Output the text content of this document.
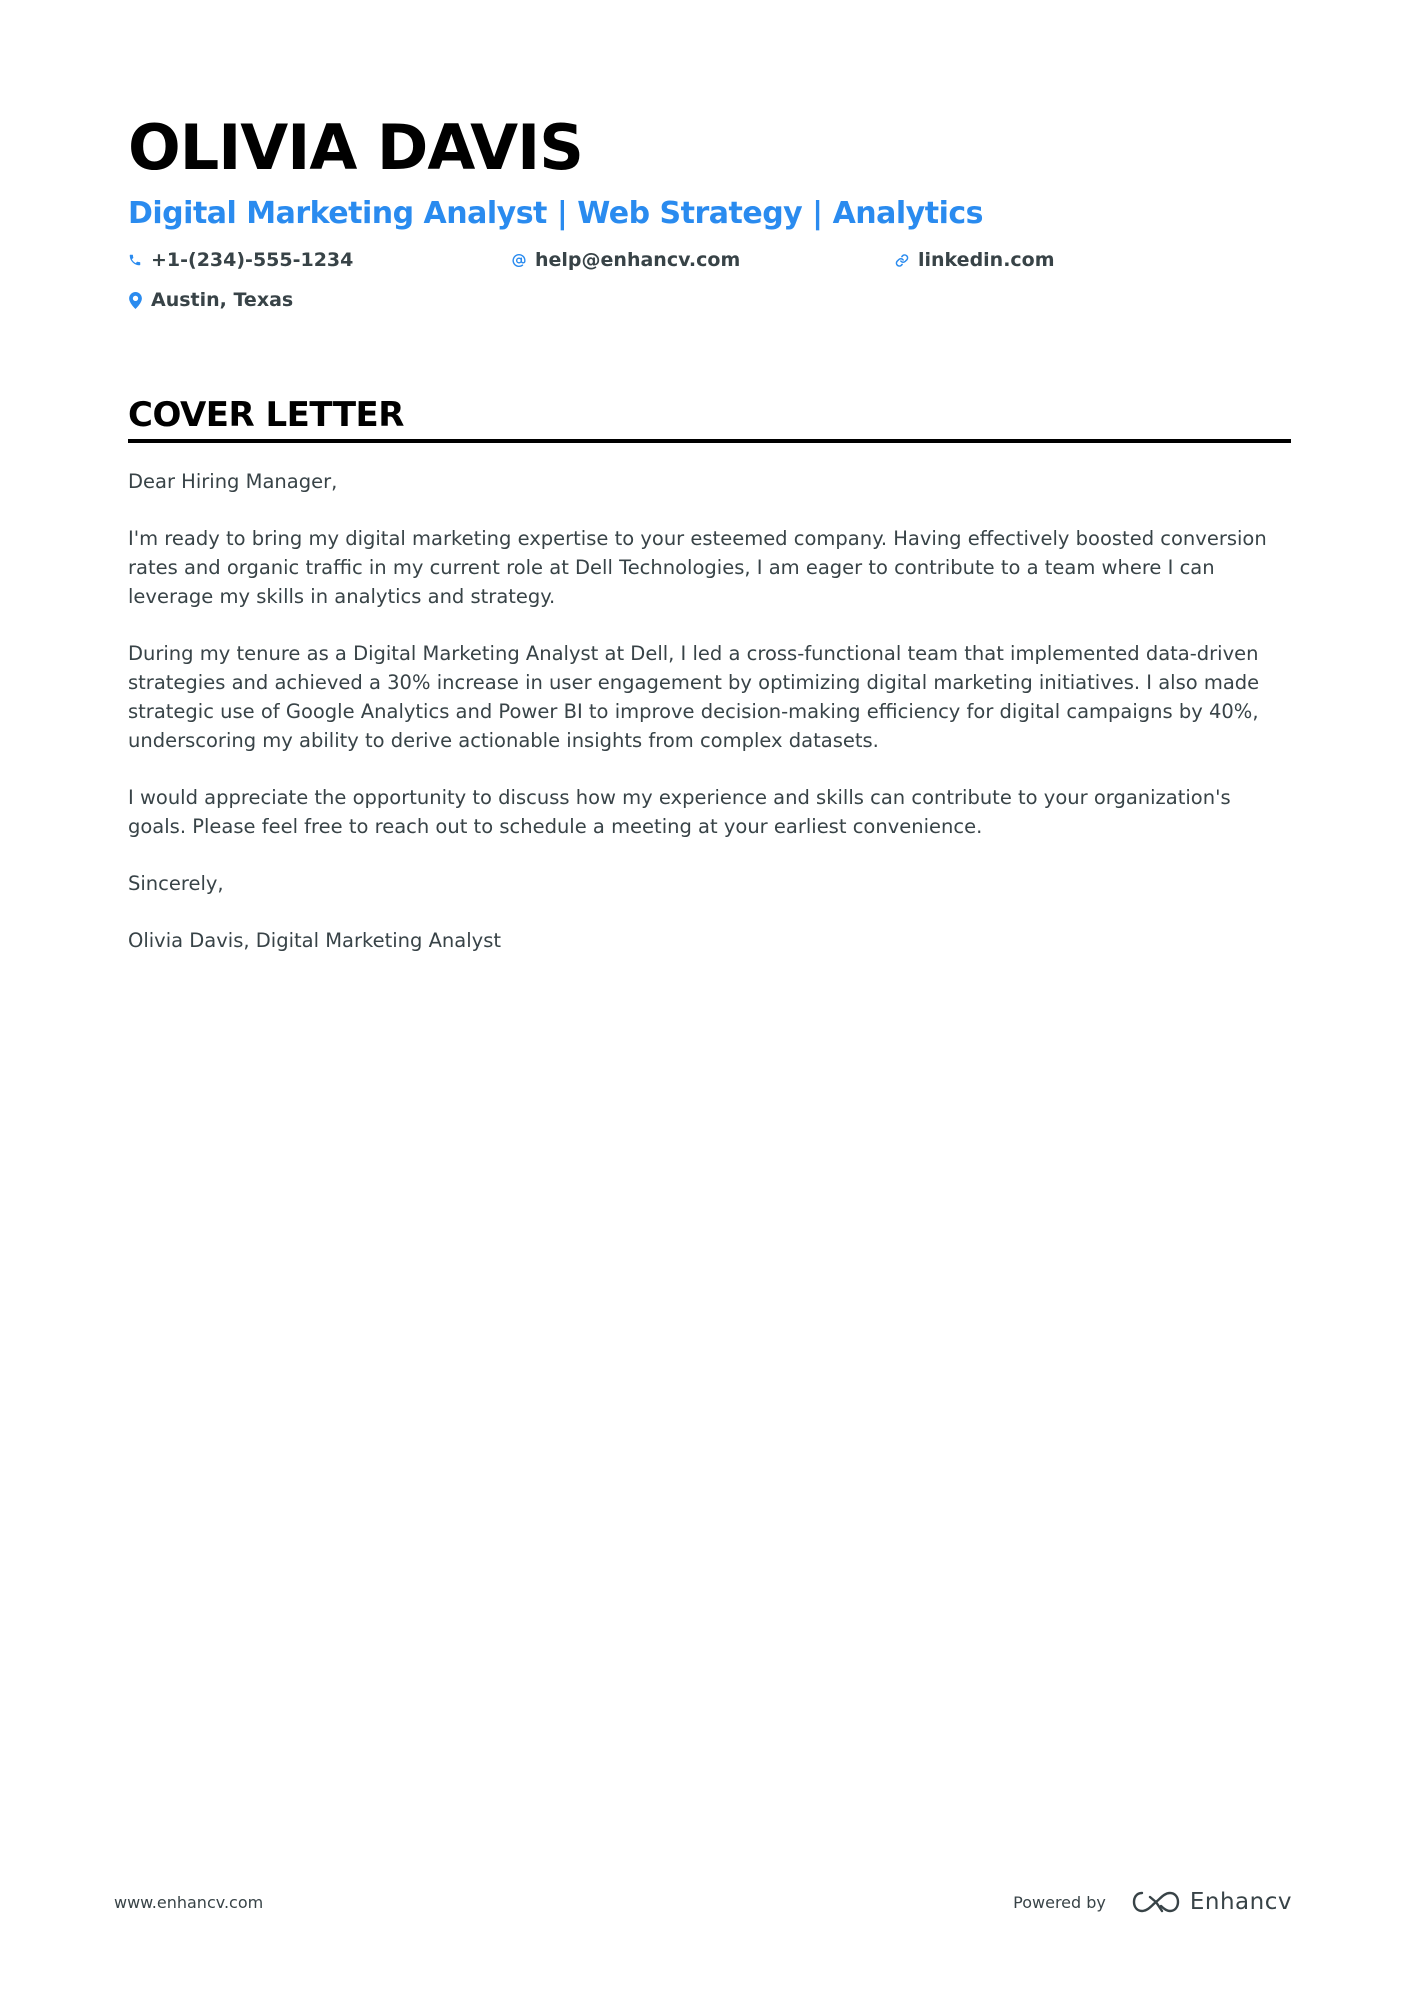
OLIVIA DAVIS
Digital Marketing Analyst | Web Strategy | Analytics
+1-(234)-555-1234	help@enhancv.com	linkedin.com
Austin, Texas
COVER LETTER

Dear Hiring Manager,

I'm ready to bring my digital marketing expertise to your esteemed company. Having effectively boosted conversion rates and organic traffic in my current role at Dell Technologies, I am eager to contribute to a team where I can leverage my skills in analytics and strategy.

During my tenure as a Digital Marketing Analyst at Dell, I led a cross-functional team that implemented data-driven strategies and achieved a 30% increase in user engagement by optimizing digital marketing initiatives. I also made strategic use of Google Analytics and Power BI to improve decision-making efficiency for digital campaigns by 40%, underscoring my ability to derive actionable insights from complex datasets.

I would appreciate the opportunity to discuss how my experience and skills can contribute to your organization's goals. Please feel free to reach out to schedule a meeting at your earliest convenience.

Sincerely,

Olivia Davis, Digital Marketing Analyst

www.enhancv.com	Powered by	Enhancv
